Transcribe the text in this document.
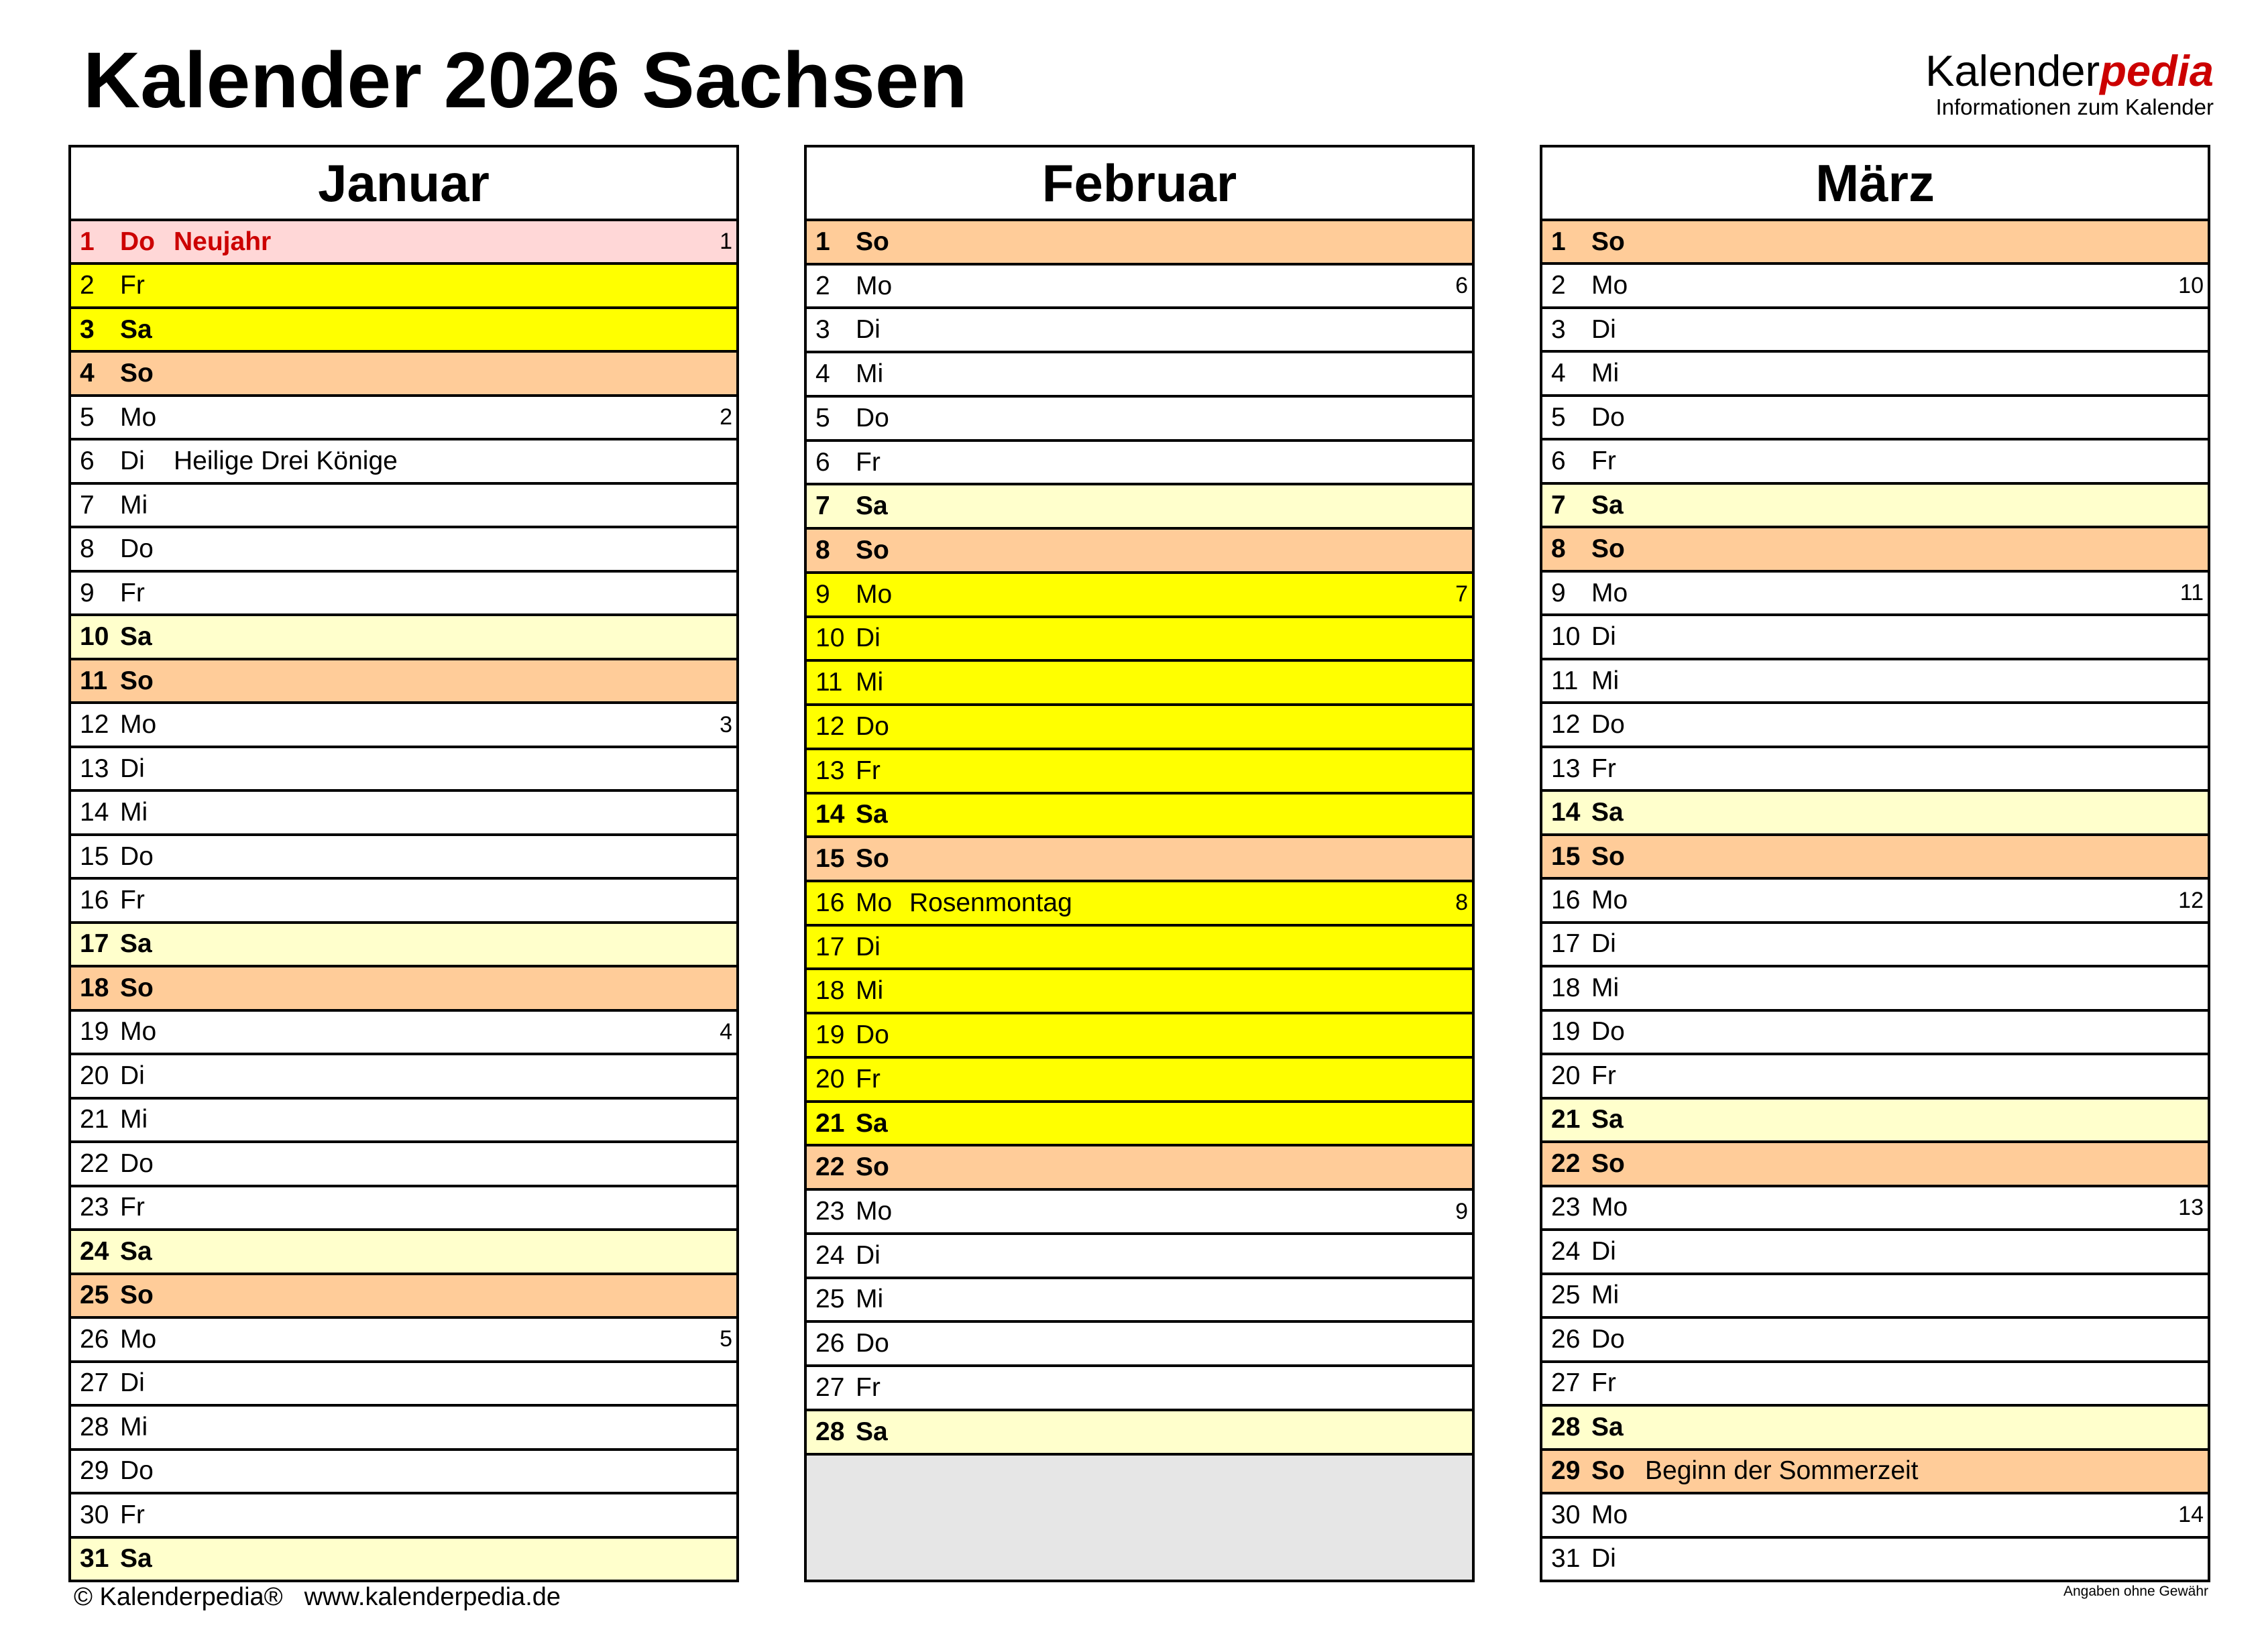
Kalender 2026 Sachsen	Kalenderpedia
Informationen zum Kalender
Januar
1 Do Neujahr	1
2 Fr
3 Sa
4 So
5 Mo	2
6 Di Heilige Drei Könige
7 Mi
8 Do
9 Fr
10 Sa
11 So
12 Mo	3
13 Di
14 Mi
15 Do
16 Fr
17 Sa
18 So
19 Mo	4
20 Di
21 Mi
22 Do
23 Fr
24 Sa
25 So
26 Mo	5
27 Di
28 Mi
29 Do
30 Fr
31 Sa
Februar
1 So
2 Mo	6
3 Di
4 Mi
5 Do
6 Fr
7 Sa
8 So
9 Mo	7
10 Di
11 Mi
12 Do
13 Fr
14 Sa
15 So
16 Mo Rosenmontag	8
17 Di
18 Mi
19 Do
20 Fr
21 Sa
22 So
23 Mo	9
24 Di
25 Mi
26 Do
27 Fr
28 Sa
März
1 So
2 Mo	10
3 Di
4 Mi
5 Do
6 Fr
7 Sa
8 So
9 Mo	11
10 Di
11 Mi
12 Do
13 Fr
14 Sa
15 So
16 Mo	12
17 Di
18 Mi
19 Do
20 Fr
21 Sa
22 So
23 Mo	13
24 Di
25 Mi
26 Do
27 Fr
28 Sa
29 So Beginn der Sommerzeit
30 Mo	14
31 Di
© Kalenderpedia® www.kalenderpedia.de	Angaben ohne Gewähr
